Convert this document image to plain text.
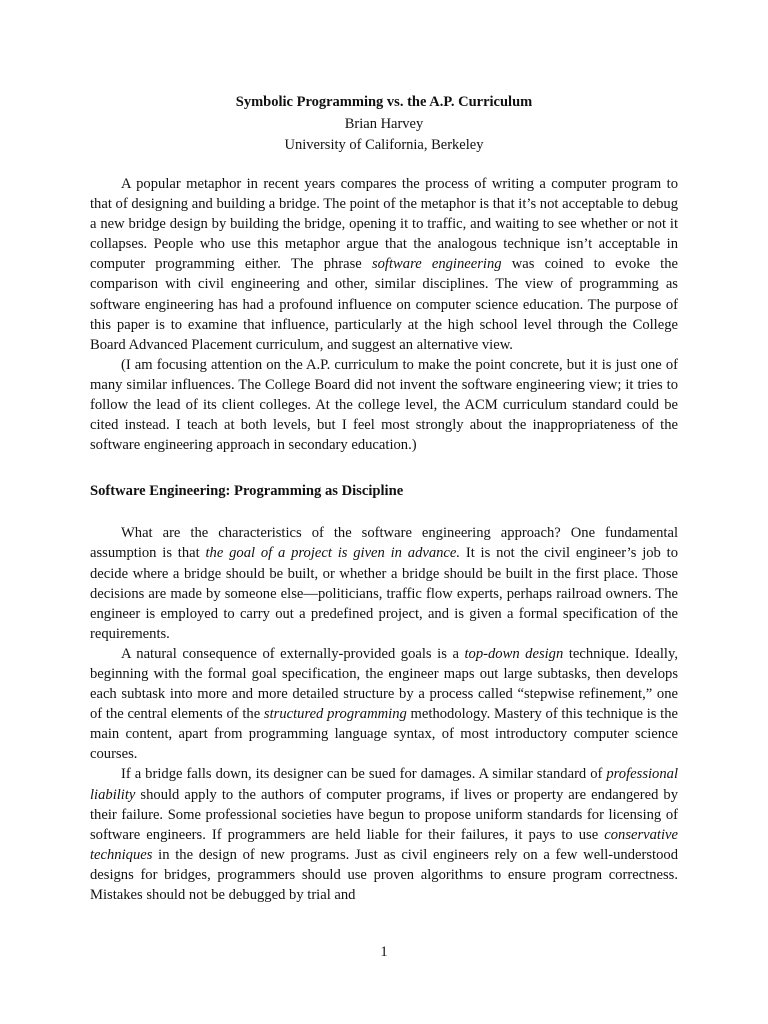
Symbolic Programming vs. the A.P. Curriculum
Brian Harvey
University of California, Berkeley

A popular metaphor in recent years compares the process of writing a computer program to that of designing and building a bridge. The point of the metaphor is that it’s not acceptable to debug a new bridge design by building the bridge, opening it to traffic, and waiting to see whether or not it collapses. People who use this metaphor argue that the analogous technique isn’t acceptable in computer programming either. The phrase software engineering was coined to evoke the comparison with civil engineering and other, similar disciplines. The view of programming as software engineering has had a profound influence on computer science education. The purpose of this paper is to examine that influence, particularly at the high school level through the College Board Advanced Placement curriculum, and suggest an alternative view.

(I am focusing attention on the A.P. curriculum to make the point concrete, but it is just one of many similar influences. The College Board did not invent the software engineering view; it tries to follow the lead of its client colleges. At the college level, the ACM curriculum standard could be cited instead. I teach at both levels, but I feel most strongly about the inappropriateness of the software engineering approach in secondary education.)

Software Engineering: Programming as Discipline

What are the characteristics of the software engineering approach? One fundamental assumption is that the goal of a project is given in advance. It is not the civil engineer’s job to decide where a bridge should be built, or whether a bridge should be built in the first place. Those decisions are made by someone else—politicians, traffic flow experts, perhaps railroad owners. The engineer is employed to carry out a predefined project, and is given a formal specification of the requirements.

A natural consequence of externally-provided goals is a top-down design technique. Ideally, beginning with the formal goal specification, the engineer maps out large subtasks, then develops each subtask into more and more detailed structure by a process called “stepwise refinement,” one of the central elements of the structured programming methodology. Mastery of this technique is the main content, apart from programming language syntax, of most introductory computer science courses.

If a bridge falls down, its designer can be sued for damages. A similar standard of professional liability should apply to the authors of computer programs, if lives or property are endangered by their failure. Some professional societies have begun to propose uniform standards for licensing of software engineers. If programmers are held liable for their failures, it pays to use conservative techniques in the design of new programs. Just as civil engineers rely on a few well-understood designs for bridges, programmers should use proven algorithms to ensure program correctness. Mistakes should not be debugged by trial and

1
